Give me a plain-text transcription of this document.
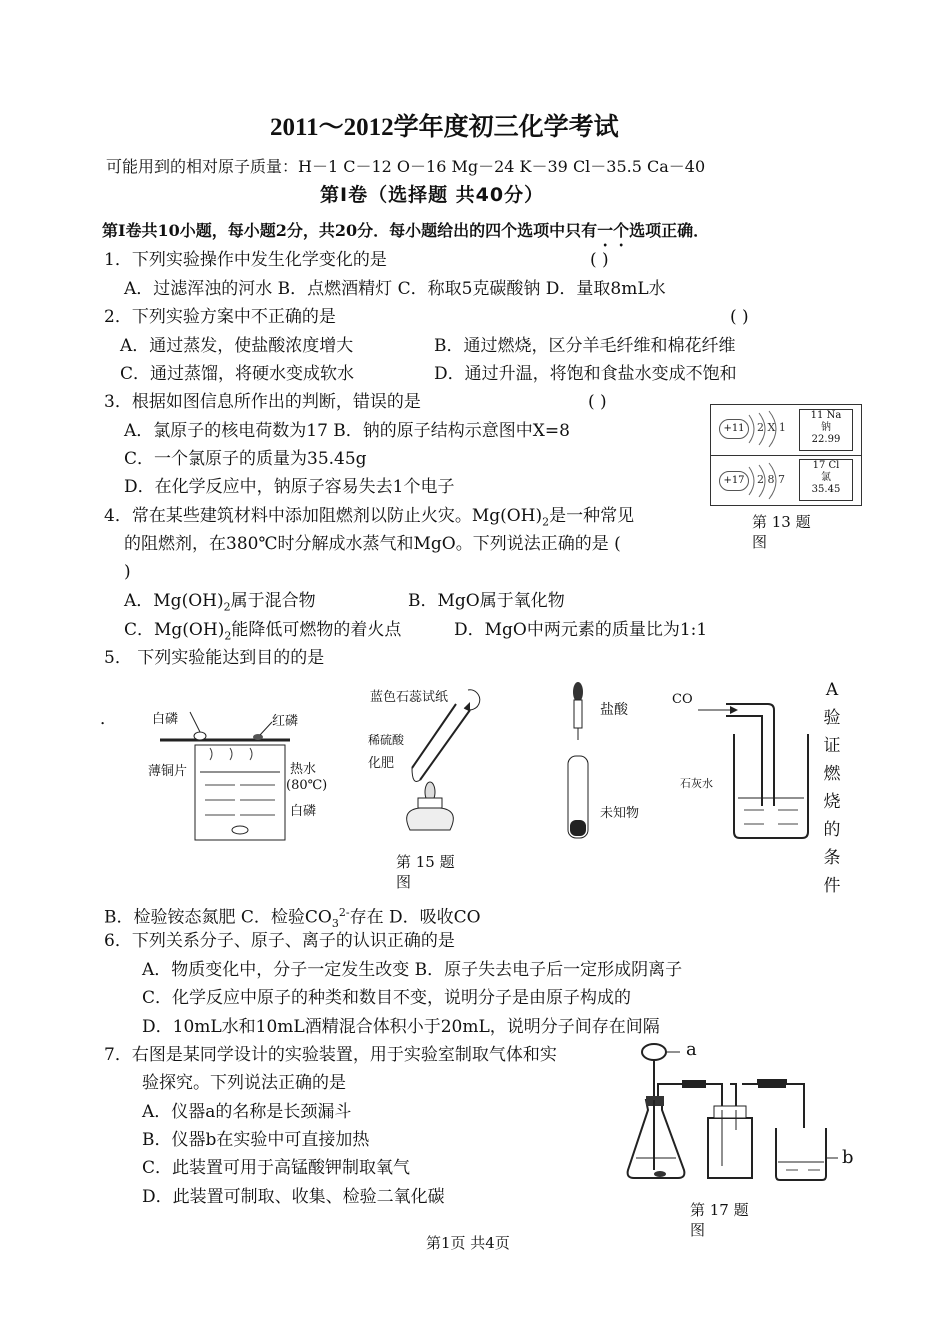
2011～2012学年度初三化学考试
可能用到的相对原子质量：H－1 C－12 O－16 Mg－24 K－39 Cl－35.5 Ca－40
第Ⅰ卷（选择题 共40分）
第Ⅰ卷共10小题，每小题2分，共20分．每小题给出的四个选项中只有一个选项正确．
1．下列实验操作中发生化学变化的是	( )
A．过滤浑浊的河水 B．点燃酒精灯 C．称取5克碳酸钠 D．量取8mL水
2．下列实验方案中不正确的是	( )
A．通过蒸发，使盐酸浓度增大	B．通过燃烧，区分羊毛纤维和棉花纤维
C．通过蒸馏，将硬水变成软水	D．通过升温，将饱和食盐水变成不饱和
3．根据如图信息所作出的判断，错误的是	( )
A．氯原子的核电荷数为17 B．钠的原子结构示意图中X=8
C．一个氯原子的质量为35.45g
D．在化学反应中，钠原子容易失去1个电子
+11	2 X 1
11 Na
钠
22.99
+17	2 8 7
17 Cl
氯
35.45
第 13 题
图
4．常在某些建筑材料中添加阻燃剂以防止火灾。$Mg(OH)_2$是一种常见
的阻燃剂，在380℃时分解成水蒸气和MgO。下列说法正确的是 (
)
A．$Mg(OH)_2$属于混合物	B．MgO属于氧化物
C．$Mg(OH)_2$能降低可燃物的着火点	D．MgO中两元素的质量比为1:1
5． 下列实验能达到目的的是
．	白磷	红磷
薄铜片	热水
(80℃)
白磷
蓝色石蕊试纸
稀硫酸
化肥
盐酸
未知物
CO
石灰水
A
验
证
燃
烧
的
条
件
第 15 题
图
B．检验铵态氮肥 C．检验$CO_3^{2-}$存在 D．吸收CO
6．下列关系分子、原子、离子的认识正确的是
A．物质变化中，分子一定发生改变 B．原子失去电子后一定形成阴离子
C．化学反应中原子的种类和数目不变，说明分子是由原子构成的
D．10mL水和10mL酒精混合体积小于20mL，说明分子间存在间隔
7．右图是某同学设计的实验装置，用于实验室制取气体和实
验探究。下列说法正确的是
A．仪器a的名称是长颈漏斗
B．仪器b在实验中可直接加热
C．此装置可用于高锰酸钾制取氧气
D．此装置可制取、收集、检验二氧化碳
a
b
第 17 题
图
第1页 共4页
